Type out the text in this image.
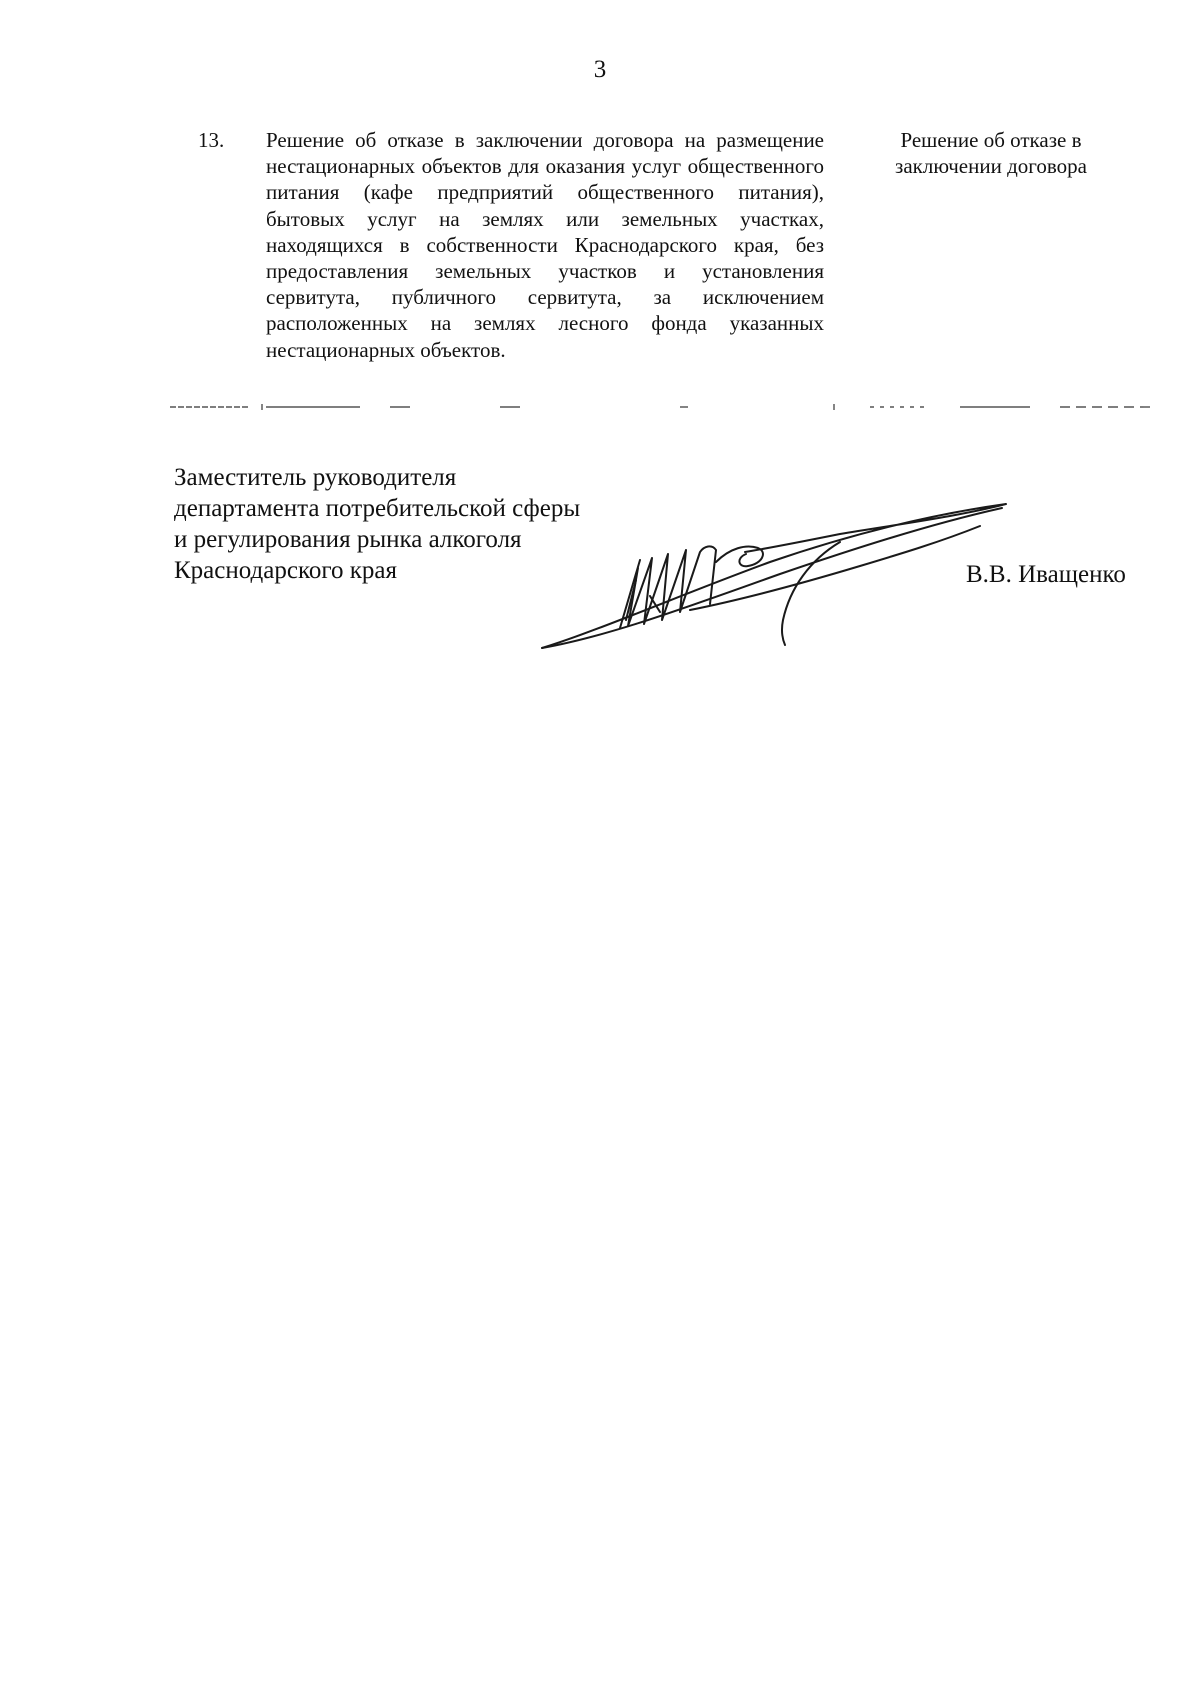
3
13. Решение об отказе в заключении договора на размещение нестационарных объектов для оказания услуг общественного питания (кафе предприятий общественного питания), бытовых услуг на землях или земельных участках, находящихся в собственности Краснодарского края, без предоставления земельных участков и установления сервитута, публичного сервитута, за исключением расположенных на землях лесного фонда указанных нестационарных объектов.
Решение об отказе в заключении договора
Заместитель руководителя
департамента потребительской сферы
и регулирования рынка алкоголя
Краснодарского края	В.В. Иващенко
